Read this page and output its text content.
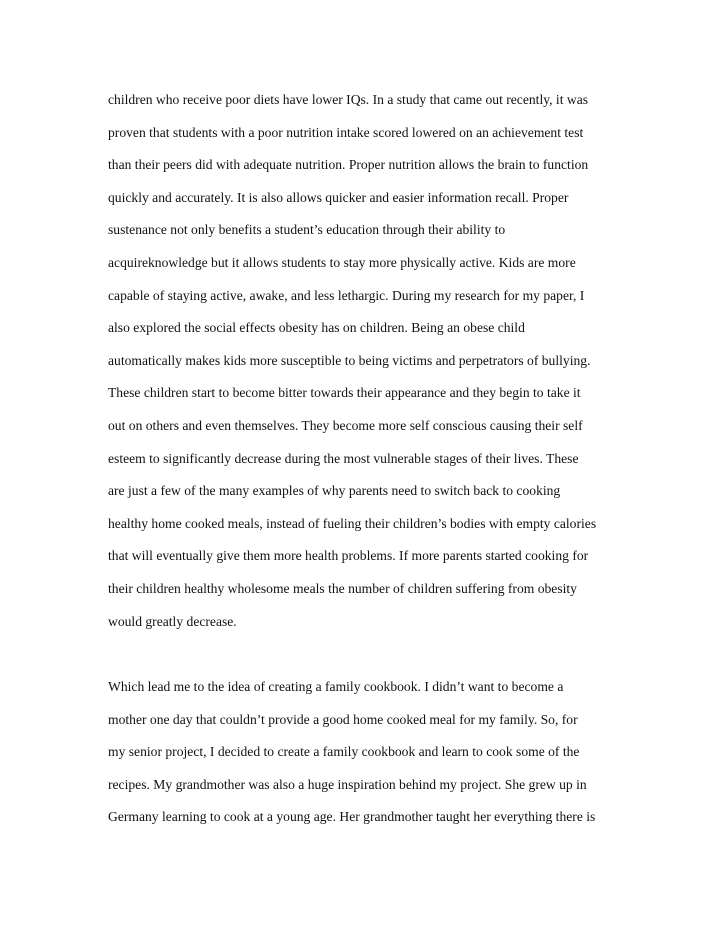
children who receive poor diets have lower IQs. In a study that came out recently, it was
proven that students with a poor nutrition intake scored lowered on an achievement test
than their peers did with adequate nutrition. Proper nutrition allows the brain to function
quickly and accurately. It is also allows quicker and easier information recall. Proper
sustenance not only benefits a student’s education through their ability to
acquireknowledge but it allows students to stay more physically active. Kids are more
capable of staying active, awake, and less lethargic. During my research for my paper, I
also explored the social effects obesity has on children. Being an obese child
automatically makes kids more susceptible to being victims and perpetrators of bullying.
These children start to become bitter towards their appearance and they begin to take it
out on others and even themselves. They become more self conscious causing their self
esteem to significantly decrease during the most vulnerable stages of their lives. These
are just a few of the many examples of why parents need to switch back to cooking
healthy home cooked meals, instead of fueling their children’s bodies with empty calories
that will eventually give them more health problems. If more parents started cooking for
their children healthy wholesome meals the number of children suffering from obesity
would greatly decrease.

Which lead me to the idea of creating a family cookbook. I didn’t want to become a
mother one day that couldn’t provide a good home cooked meal for my family. So, for
my senior project, I decided to create a family cookbook and learn to cook some of the
recipes. My grandmother was also a huge inspiration behind my project. She grew up in
Germany learning to cook at a young age. Her grandmother taught her everything there is
